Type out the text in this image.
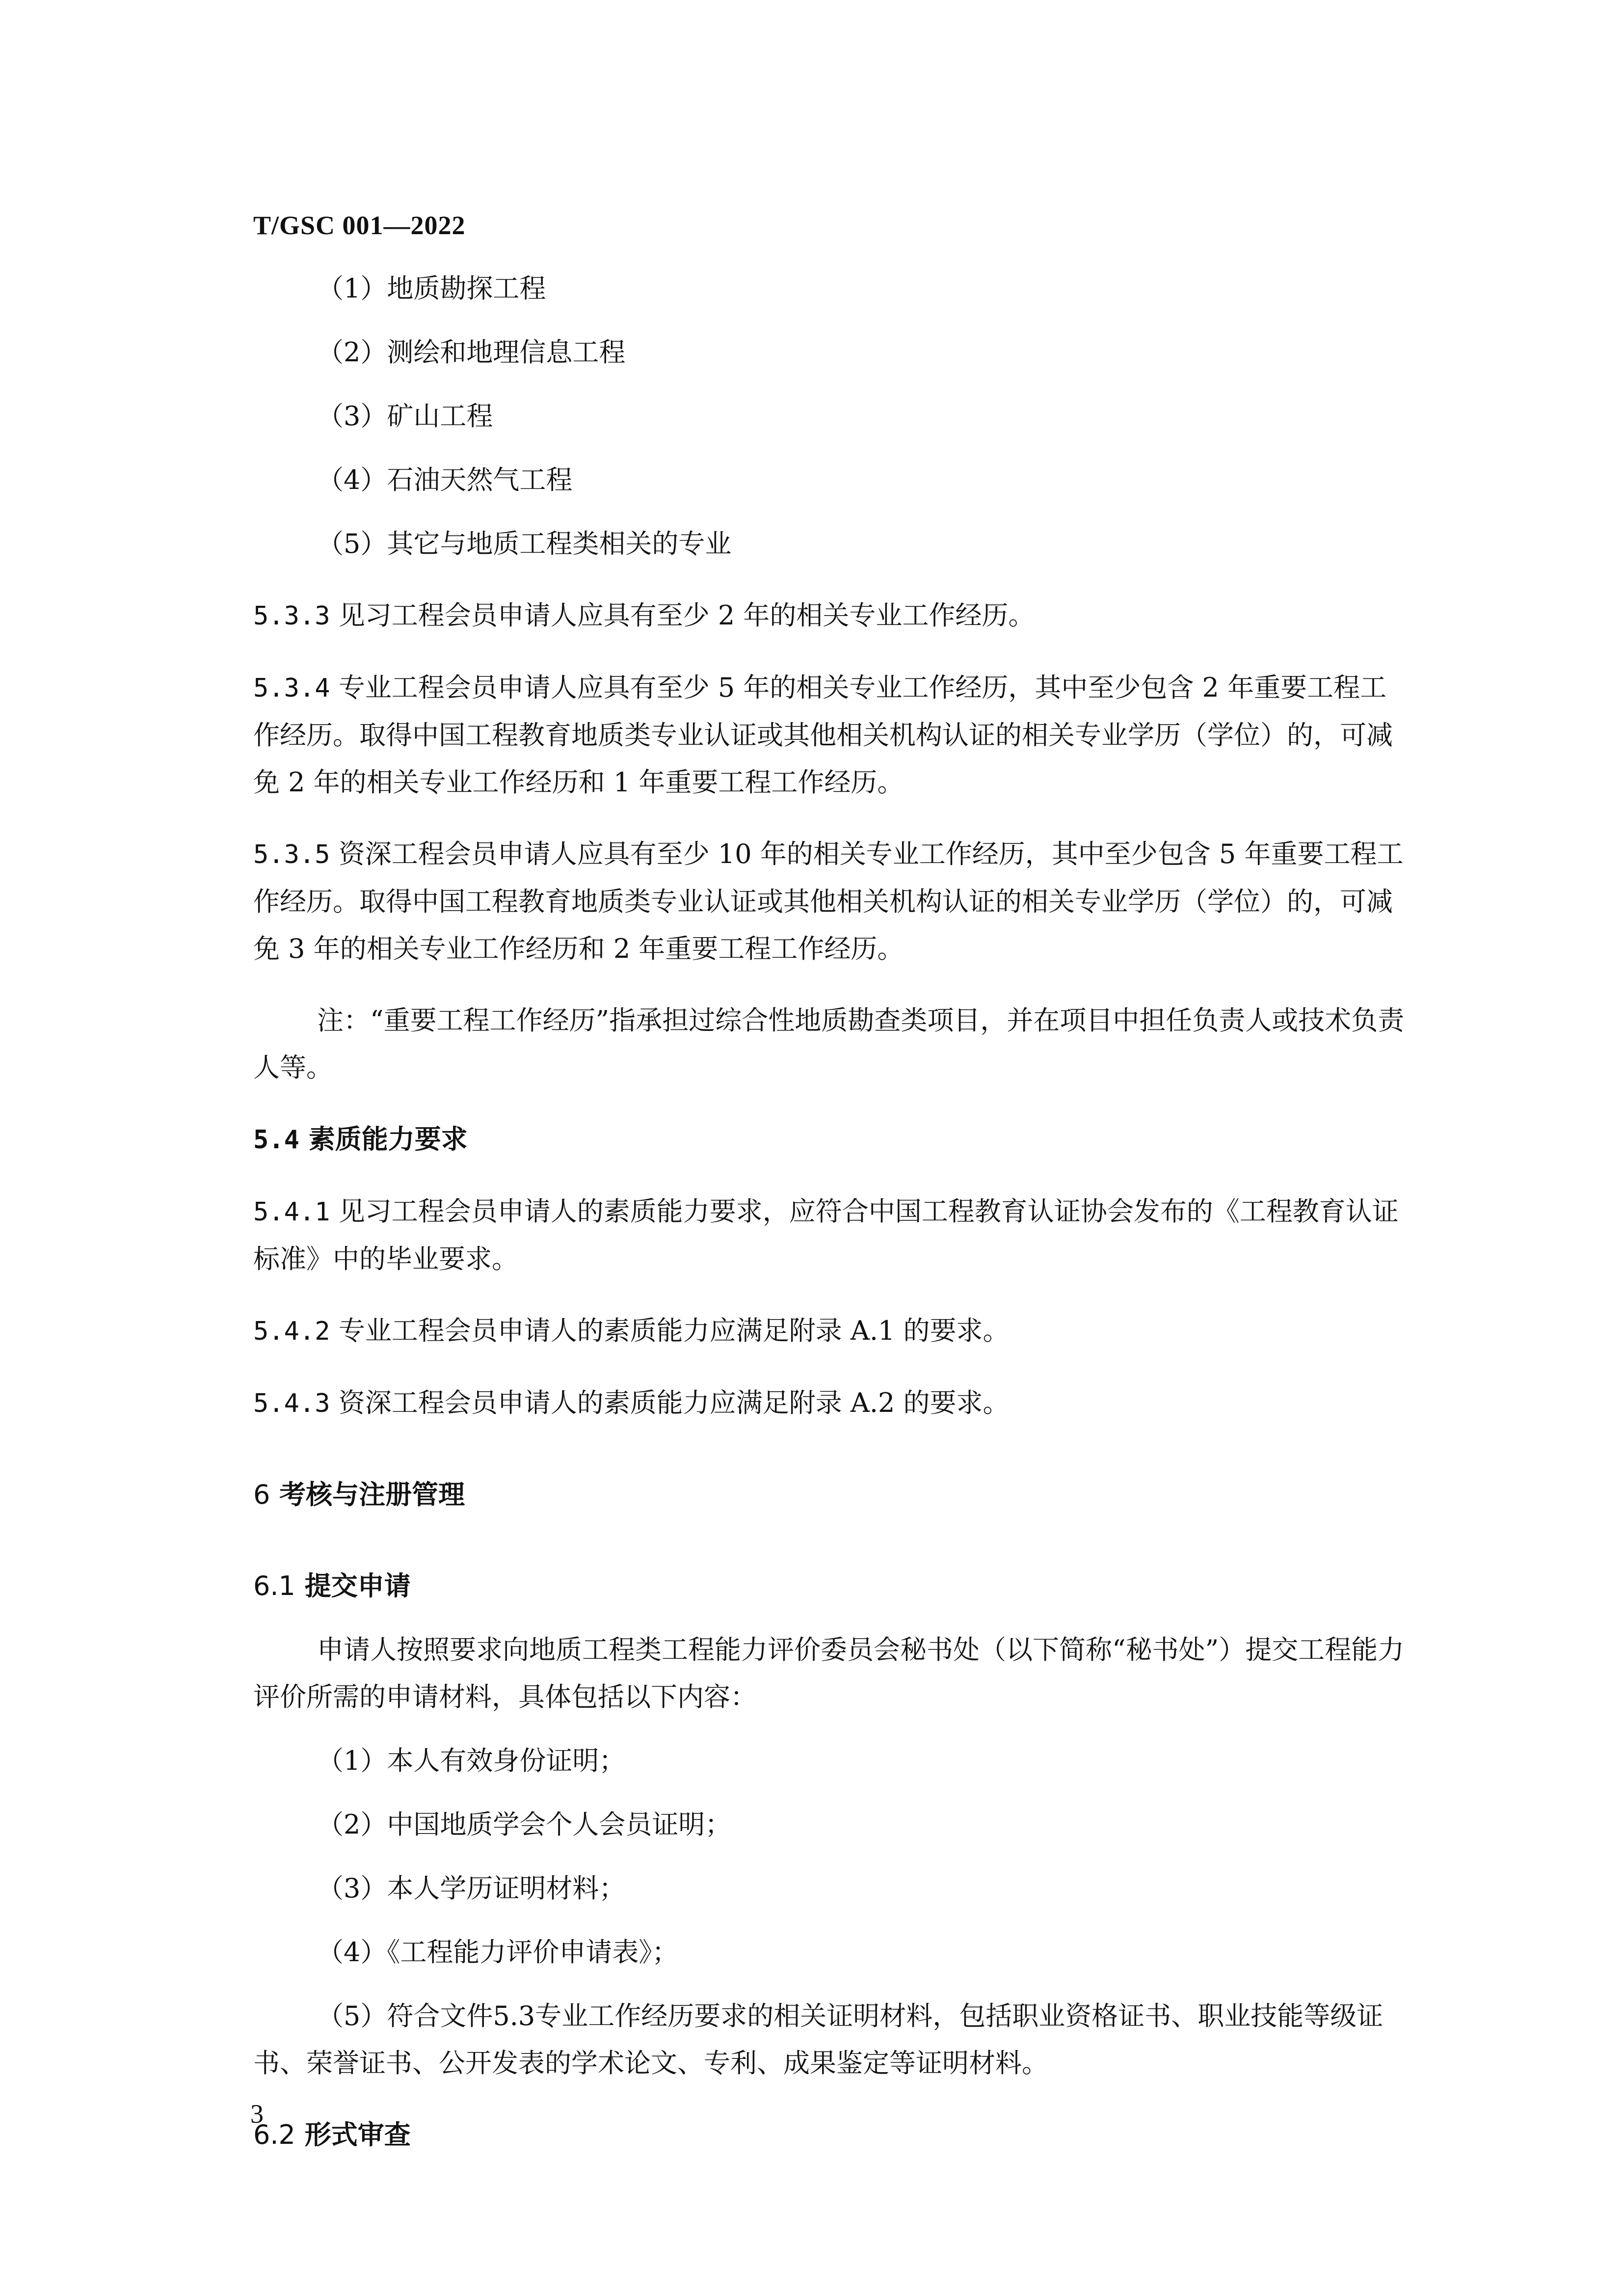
T/GSC 001—2022
（1）地质勘探工程
（2）测绘和地理信息工程
（3）矿山工程
（4）石油天然气工程
（5）其它与地质工程类相关的专业
5.3.3 见习工程会员申请人应具有至少 2 年的相关专业工作经历。
5.3.4 专业工程会员申请人应具有至少 5 年的相关专业工作经历，其中至少包含 2 年重要工程工作经历。取得中国工程教育地质类专业认证或其他相关机构认证的相关专业学历（学位）的，可减免 2 年的相关专业工作经历和 1 年重要工程工作经历。
5.3.5 资深工程会员申请人应具有至少 10 年的相关专业工作经历，其中至少包含 5 年重要工程工作经历。取得中国工程教育地质类专业认证或其他相关机构认证的相关专业学历（学位）的，可减免 3 年的相关专业工作经历和 2 年重要工程工作经历。
注：“重要工程工作经历”指承担过综合性地质勘查类项目，并在项目中担任负责人或技术负责人等。
5.4 素质能力要求
5.4.1 见习工程会员申请人的素质能力要求，应符合中国工程教育认证协会发布的《工程教育认证标准》中的毕业要求。
5.4.2 专业工程会员申请人的素质能力应满足附录 A.1 的要求。
5.4.3 资深工程会员申请人的素质能力应满足附录 A.2 的要求。
6 考核与注册管理
6.1 提交申请
申请人按照要求向地质工程类工程能力评价委员会秘书处（以下简称“秘书处”）提交工程能力评价所需的申请材料，具体包括以下内容：
（1）本人有效身份证明；
（2）中国地质学会个人会员证明；
（3）本人学历证明材料；
（4）《工程能力评价申请表》；
（5）符合文件5.3专业工作经历要求的相关证明材料，包括职业资格证书、职业技能等级证书、荣誉证书、公开发表的学术论文、专利、成果鉴定等证明材料。
6.2 形式审查
3
